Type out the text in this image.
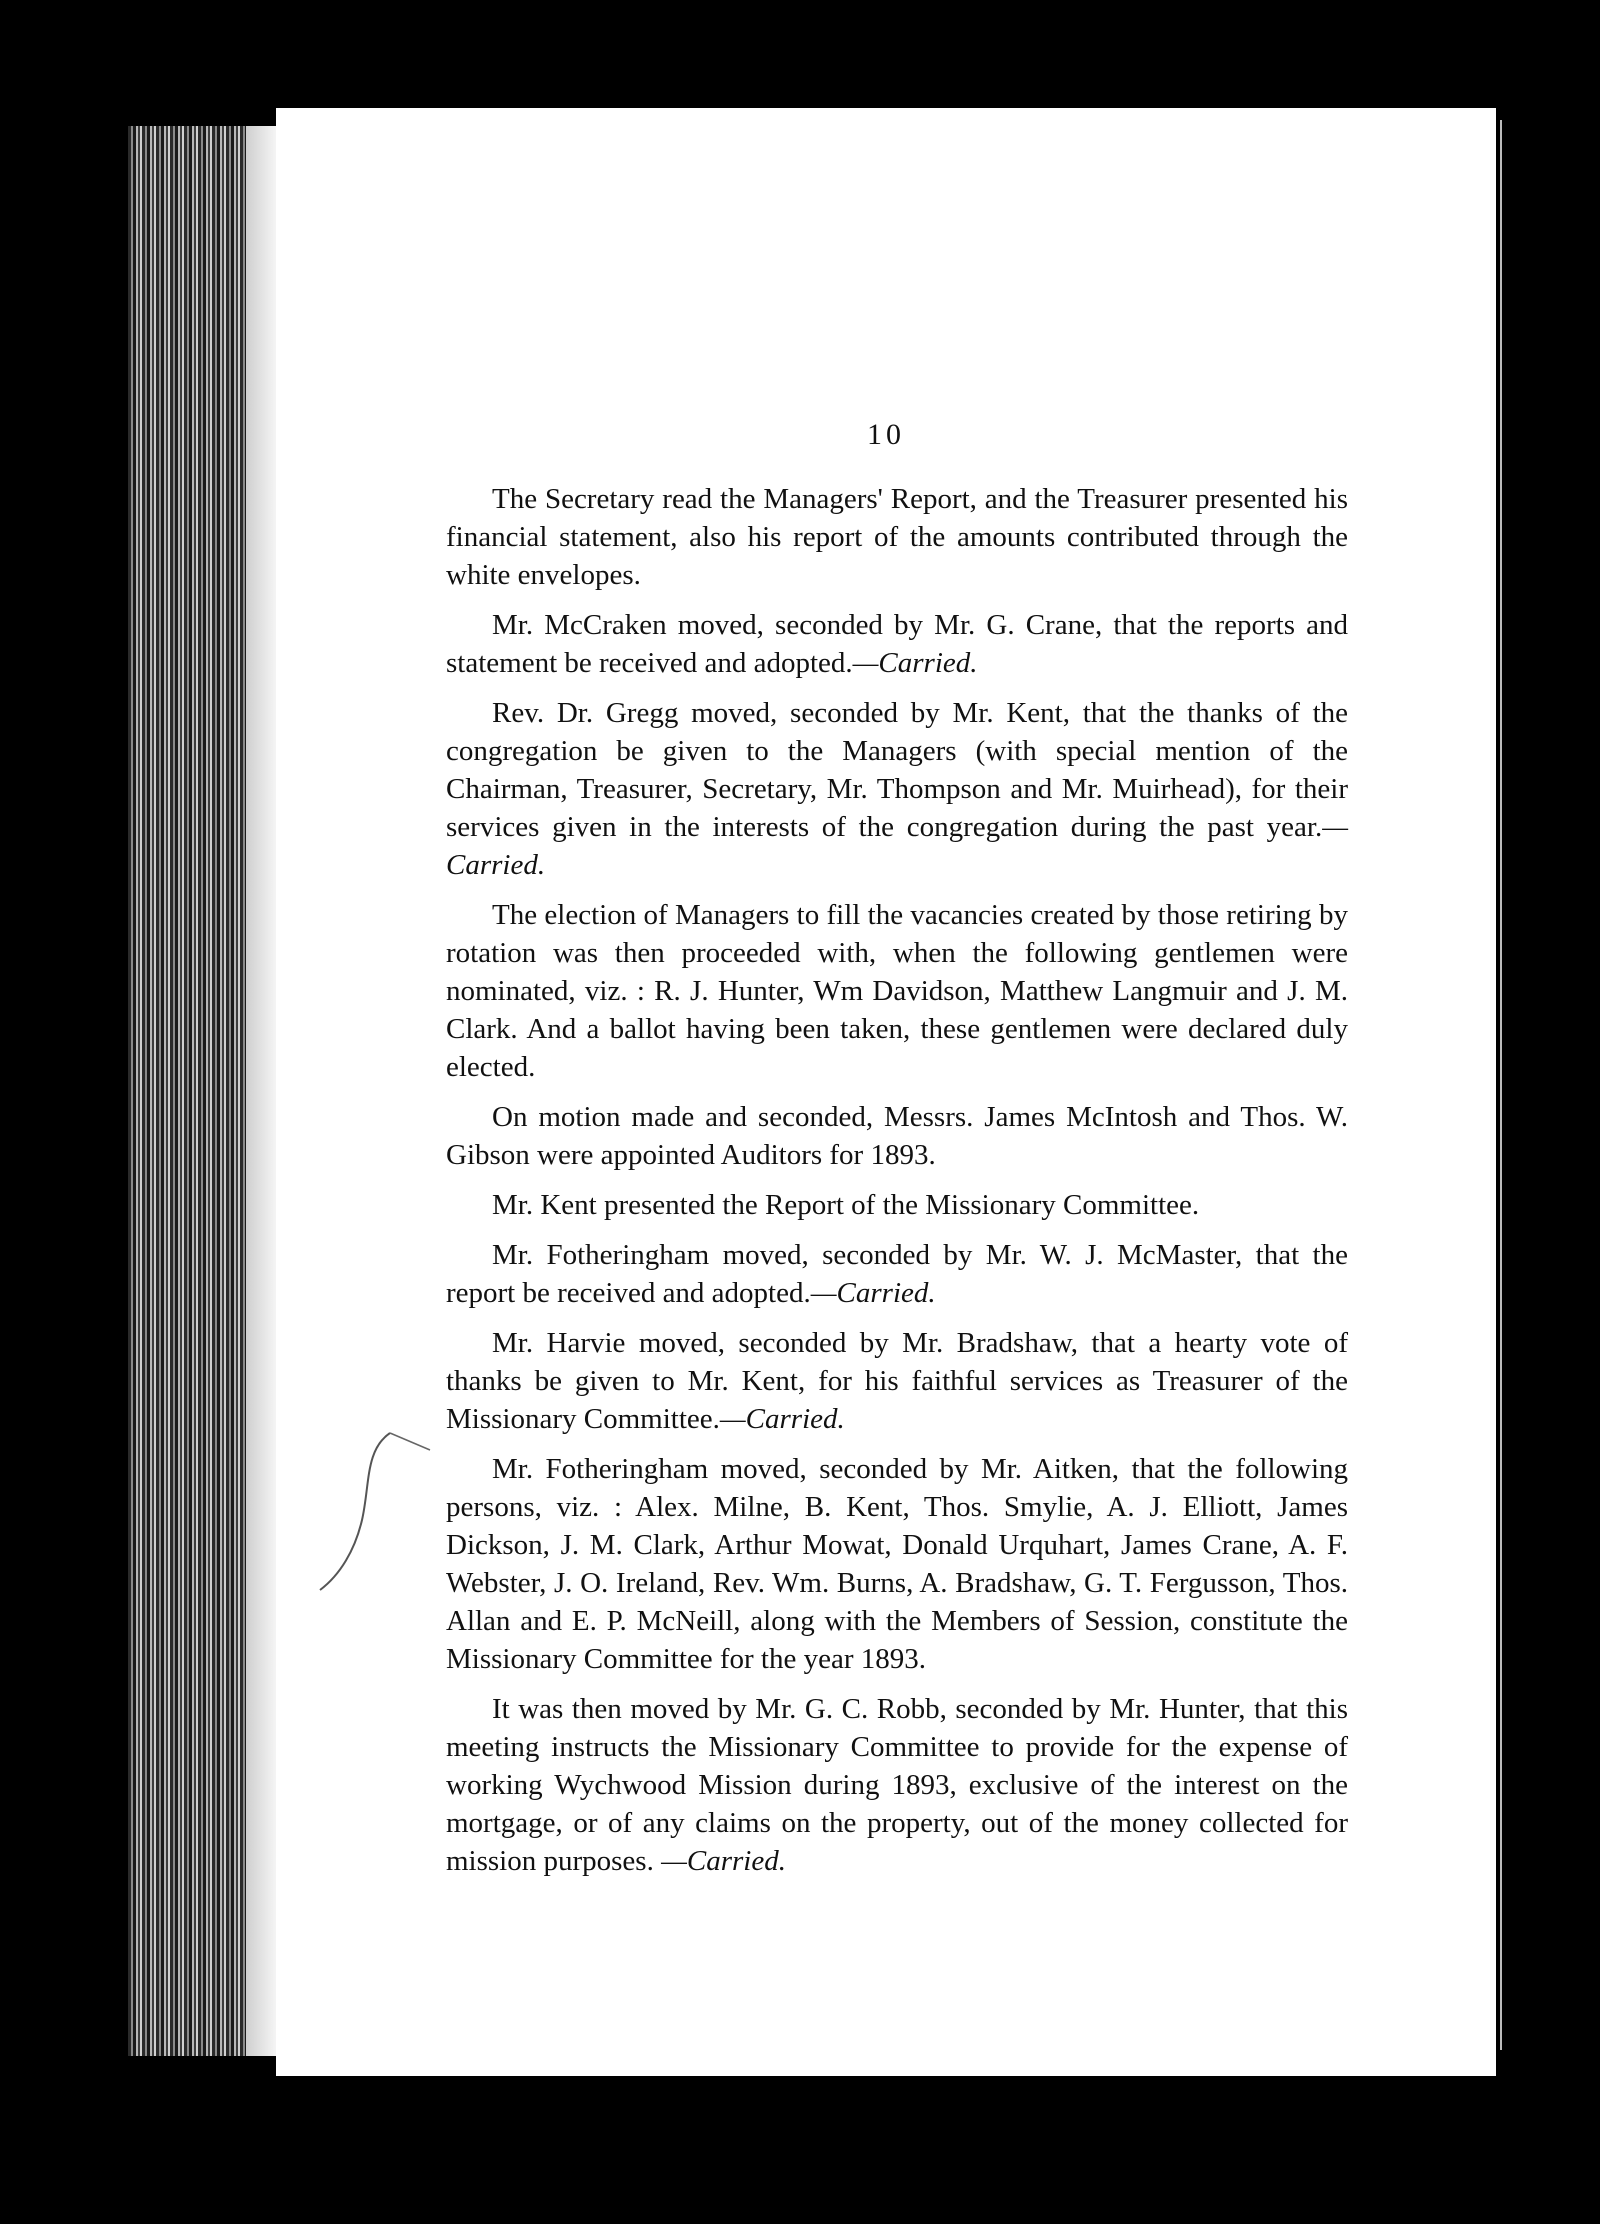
10

The Secretary read the Managers' Report, and the Treasurer presented his financial statement, also his report of the amounts contributed through the white envelopes.

Mr. McCraken moved, seconded by Mr. G. Crane, that the reports and statement be received and adopted.—Carried.

Rev. Dr. Gregg moved, seconded by Mr. Kent, that the thanks of the congregation be given to the Managers (with special mention of the Chairman, Treasurer, Secretary, Mr. Thompson and Mr. Muirhead), for their services given in the interests of the congregation during the past year.—Carried.

The election of Managers to fill the vacancies created by those retiring by rotation was then proceeded with, when the following gentlemen were nominated, viz. : R. J. Hunter, Wm Davidson, Matthew Langmuir and J. M. Clark. And a ballot having been taken, these gentlemen were declared duly elected.

On motion made and seconded, Messrs. James McIntosh and Thos. W. Gibson were appointed Auditors for 1893.

Mr. Kent presented the Report of the Missionary Committee.

Mr. Fotheringham moved, seconded by Mr. W. J. McMaster, that the report be received and adopted.—Carried.

Mr. Harvie moved, seconded by Mr. Bradshaw, that a hearty vote of thanks be given to Mr. Kent, for his faithful services as Treasurer of the Missionary Committee.—Carried.

Mr. Fotheringham moved, seconded by Mr. Aitken, that the following persons, viz. : Alex. Milne, B. Kent, Thos. Smylie, A. J. Elliott, James Dickson, J. M. Clark, Arthur Mowat, Donald Urquhart, James Crane, A. F. Webster, J. O. Ireland, Rev. Wm. Burns, A. Bradshaw, G. T. Fergusson, Thos. Allan and E. P. McNeill, along with the Members of Session, constitute the Missionary Committee for the year 1893.

It was then moved by Mr. G. C. Robb, seconded by Mr. Hunter, that this meeting instructs the Missionary Committee to provide for the expense of working Wychwood Mission during 1893, exclusive of the interest on the mortgage, or of any claims on the property, out of the money collected for mission purposes. —Carried.
